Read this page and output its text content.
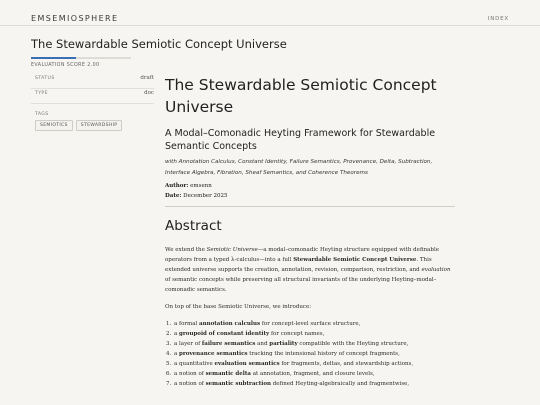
EMSEMIOSPHERE	INDEX
The Stewardable Semiotic Concept Universe
EVALUATION SCORE 2.00
STATUS	draft
TYPE	doc
TAGS
SEMIOTICS	STEWARDSHIP
The Stewardable Semiotic Concept Universe
A Modal–Comonadic Heyting Framework for Stewardable Semantic Concepts

with Annotation Calculus, Constant Identity, Failure Semantics, Provenance, Delta, Subtraction, Interface Algebra, Fibration, Sheaf Semantics, and Coherence Theorems

Author: emsenn
Date: December 2025
Abstract

We extend the Semiotic Universe—a modal–comonadic Heyting structure equipped with definable operators from a typed λ-calculus—into a full Stewardable Semiotic Concept Universe. This extended universe supports the creation, annotation, revision, comparison, restriction, and evaluation of semantic concepts while preserving all structural invariants of the underlying Heyting–modal–comonadic semantics.

On top of the base Semiotic Universe, we introduce:

1. a formal annotation calculus for concept-level surface structure,
2. a groupoid of constant identity for concept names,
3. a layer of failure semantics and partiality compatible with the Heyting structure,
4. a provenance semantics tracking the intensional history of concept fragments,
5. a quantitative evaluation semantics for fragments, deltas, and stewardship actions,
6. a notion of semantic delta at annotation, fragment, and closure levels,
7. a notion of semantic subtraction defined Heyting-algebraically and fragmentwise,
